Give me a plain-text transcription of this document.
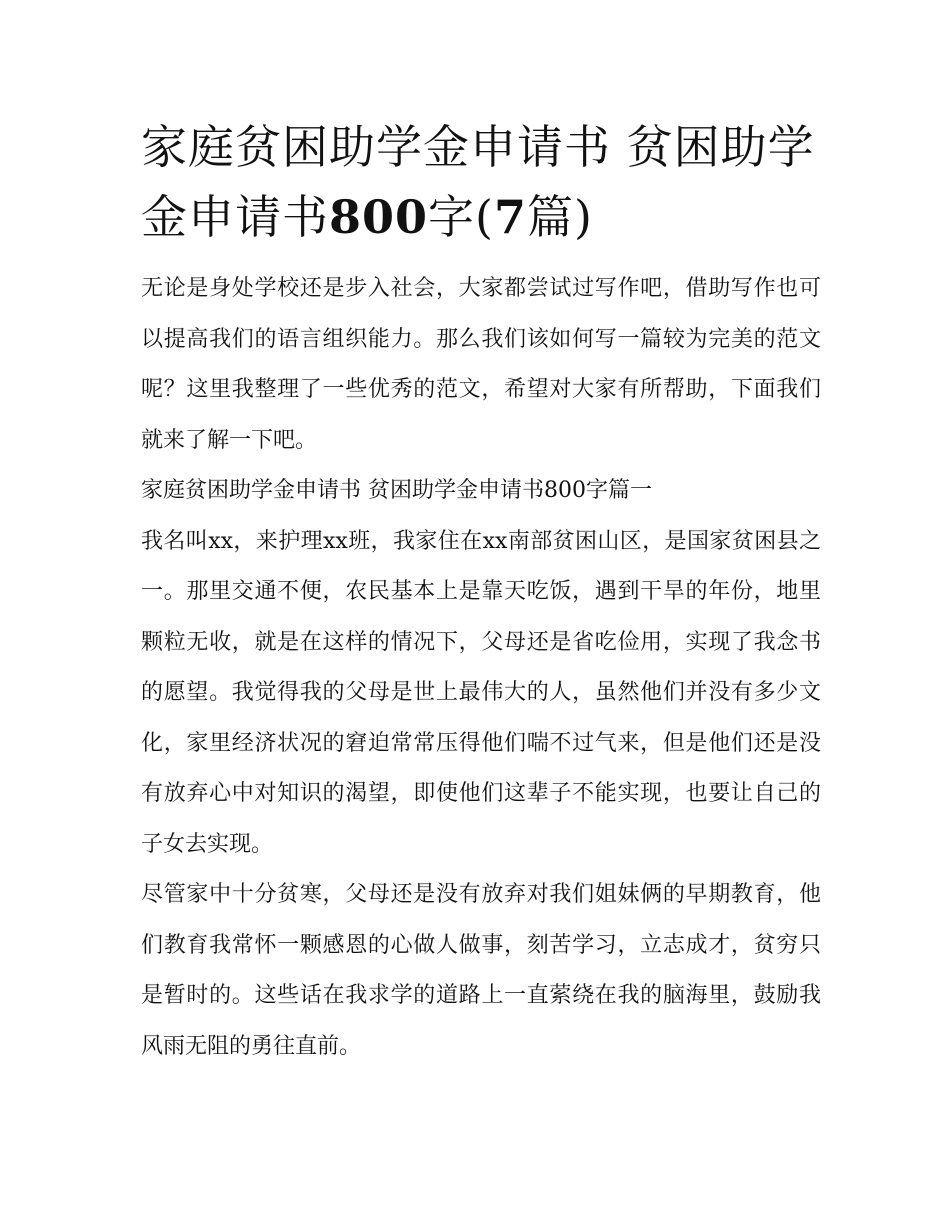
家庭贫困助学金申请书 贫困助学金申请书800字(7篇)

无论是身处学校还是步入社会，大家都尝试过写作吧，借助写作也可以提高我们的语言组织能力。那么我们该如何写一篇较为完美的范文呢？这里我整理了一些优秀的范文，希望对大家有所帮助，下面我们就来了解一下吧。

家庭贫困助学金申请书 贫困助学金申请书800字篇一

我名叫xx，来护理xx班，我家住在xx南部贫困山区，是国家贫困县之一。那里交通不便，农民基本上是靠天吃饭，遇到干旱的年份，地里颗粒无收，就是在这样的情况下，父母还是省吃俭用，实现了我念书的愿望。我觉得我的父母是世上最伟大的人，虽然他们并没有多少文化，家里经济状况的窘迫常常压得他们喘不过气来，但是他们还是没有放弃心中对知识的渴望，即使他们这辈子不能实现，也要让自己的子女去实现。

尽管家中十分贫寒，父母还是没有放弃对我们姐妹俩的早期教育，他们教育我常怀一颗感恩的心做人做事，刻苦学习，立志成才，贫穷只是暂时的。这些话在我求学的道路上一直萦绕在我的脑海里，鼓励我风雨无阻的勇往直前。
